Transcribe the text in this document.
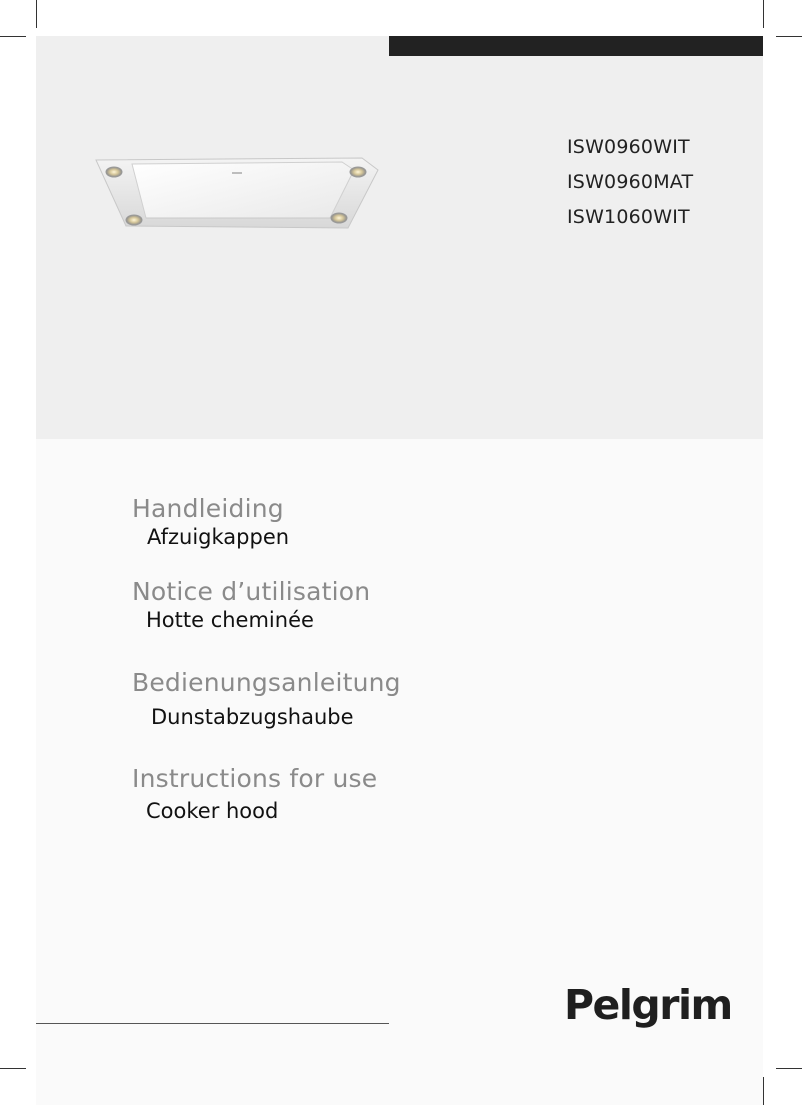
ISW0960WIT
ISW0960MAT
ISW1060WIT
Handleiding
Afzuigkappen
Notice d’utilisation
Hotte cheminée
Bedienungsanleitung
Dunstabzugshaube
Instructions for use
Cooker hood
Pelgrim
